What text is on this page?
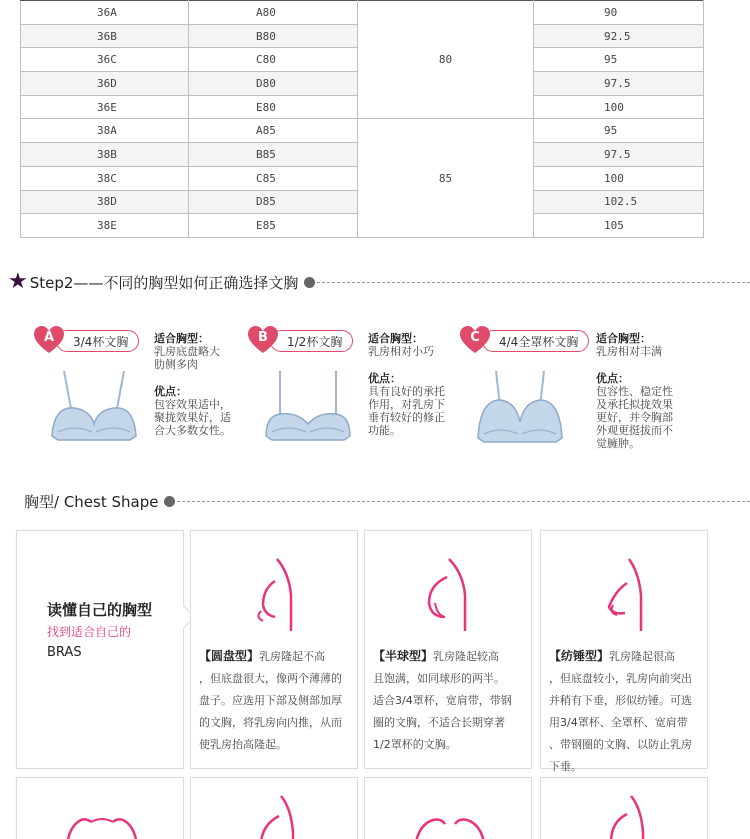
36A	A80	80	90
36B	B80		92.5
36C	C80		95
36D	D80		97.5
36E	E80		100
38A	A85	85	95
38B	B85		97.5
38C	C85		100
38D	D85		102.5
38E	E85		105
★ Step2——不同的胸型如何正确选择文胸
3/4杯文胸
A	适合胸型：
乳房底盘略大
肋侧多肉
优点：
包容效果适中，
聚拢效果好，适
合大多数女性。
1/2杯文胸
B	适合胸型：
乳房相对小巧
优点：
具有良好的承托
作用，对乳房下
垂有较好的修正
功能。
4/4全罩杯文胸
C	适合胸型：
乳房相对丰满
优点：
包容性、稳定性
及承托拟拢效果
更好，并令胸部
外观更挺拔而不
觉臃肿。
胸型/ Chest Shape
读懂自己的胸型
找到适合自己的
BRAS	【圆盘型】乳房隆起不高
，但底盘很大，像两个薄薄的
盘子。应选用下部及侧部加厚
的文胸，将乳房向内推，从而
使乳房抬高隆起。
【半球型】乳房隆起较高
且饱满，如同球形的两半。
适合3/4罩杯，宽肩带，带钢
圈的文胸，不适合长期穿著
1/2罩杯的文胸。
【纺锤型】乳房隆起很高
，但底盘较小，乳房向前突出
并稍有下垂，形似纺锤。可选
用3/4罩杯、全罩杯、宽肩带
、带钢圈的文胸、以防止乳房
下垂。
